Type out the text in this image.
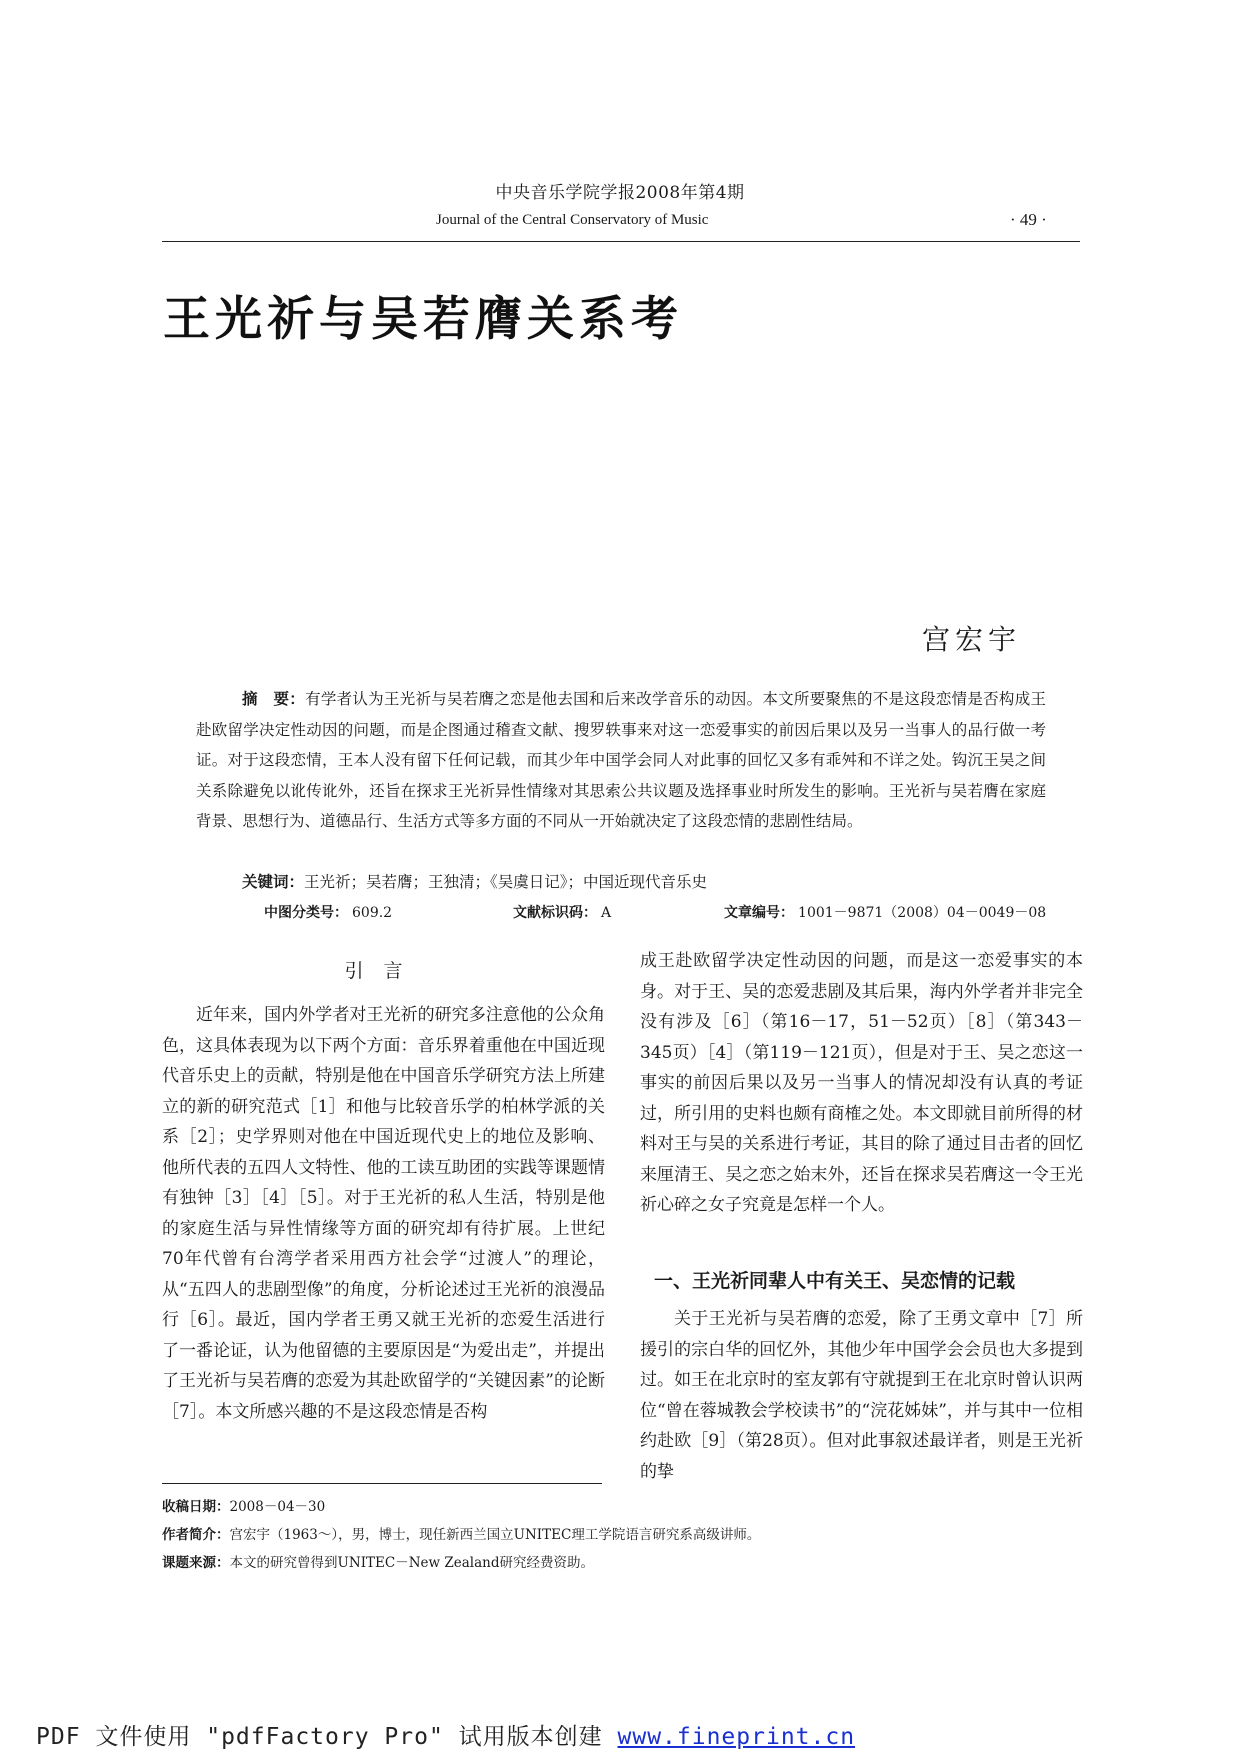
中央音乐学院学报2008年第4期
Journal of the Central Conservatory of Music	· 49 ·
王光祈与吴若膺关系考
宫宏宇

摘　要：有学者认为王光祈与吴若膺之恋是他去国和后来改学音乐的动因。本文所要聚焦的不是这段恋情是否构成王赴欧留学决定性动因的问题，而是企图通过稽查文献、搜罗轶事来对这一恋爱事实的前因后果以及另一当事人的品行做一考证。对于这段恋情，王本人没有留下任何记载，而其少年中国学会同人对此事的回忆又多有乖舛和不详之处。钩沉王吴之间关系除避免以讹传讹外，还旨在探求王光祈异性情缘对其思索公共议题及选择事业时所发生的影响。王光祈与吴若膺在家庭背景、思想行为、道德品行、生活方式等多方面的不同从一开始就决定了这段恋情的悲剧性结局。

关键词：王光祈；吴若膺；王独清；《吴虞日记》；中国近现代音乐史
中图分类号： 609.2	文献标识码： A	文章编号： 1001－9871（2008）04－0049－08
引言

近年来，国内外学者对王光祈的研究多注意他的公众角色，这具体表现为以下两个方面：音乐界着重他在中国近现代音乐史上的贡献，特别是他在中国音乐学研究方法上所建立的新的研究范式［1］和他与比较音乐学的柏林学派的关系［2］；史学界则对他在中国近现代史上的地位及影响、他所代表的五四人文特性、他的工读互助团的实践等课题情有独钟［3］［4］［5］。对于王光祈的私人生活，特别是他的家庭生活与异性情缘等方面的研究却有待扩展。上世纪70年代曾有台湾学者采用西方社会学“过渡人”的理论，从“五四人的悲剧型像”的角度，分析论述过王光祈的浪漫品行［6］。最近，国内学者王勇又就王光祈的恋爱生活进行了一番论证，认为他留德的主要原因是“为爱出走”，并提出了王光祈与吴若膺的恋爱为其赴欧留学的“关键因素”的论断［7］。本文所感兴趣的不是这段恋情是否构

成王赴欧留学决定性动因的问题，而是这一恋爱事实的本身。对于王、吴的恋爱悲剧及其后果，海内外学者并非完全没有涉及［6］（第16－17，51－52页）［8］（第343－345页）［4］（第119－121页），但是对于王、吴之恋这一事实的前因后果以及另一当事人的情况却没有认真的考证过，所引用的史料也颇有商榷之处。本文即就目前所得的材料对王与吴的关系进行考证，其目的除了通过目击者的回忆来厘清王、吴之恋之始末外，还旨在探求吴若膺这一令王光祈心碎之女子究竟是怎样一个人。

一、王光祈同辈人中有关王、吴恋情的记载

关于王光祈与吴若膺的恋爱，除了王勇文章中［7］所援引的宗白华的回忆外，其他少年中国学会会员也大多提到过。如王在北京时的室友郭有守就提到王在北京时曾认识两位“曾在蓉城教会学校读书”的“浣花姊妹”，并与其中一位相约赴欧［9］（第28页）。但对此事叙述最详者，则是王光祈的挚

收稿日期：2008－04－30
作者简介：宫宏宇（1963～），男，博士，现任新西兰国立UNITEC理工学院语言研究系高级讲师。
课题来源：本文的研究曾得到UNITEC－New Zealand研究经费资助。
PDF 文件使用 "pdfFactory Pro" 试用版本创建 www.fineprint.cn
